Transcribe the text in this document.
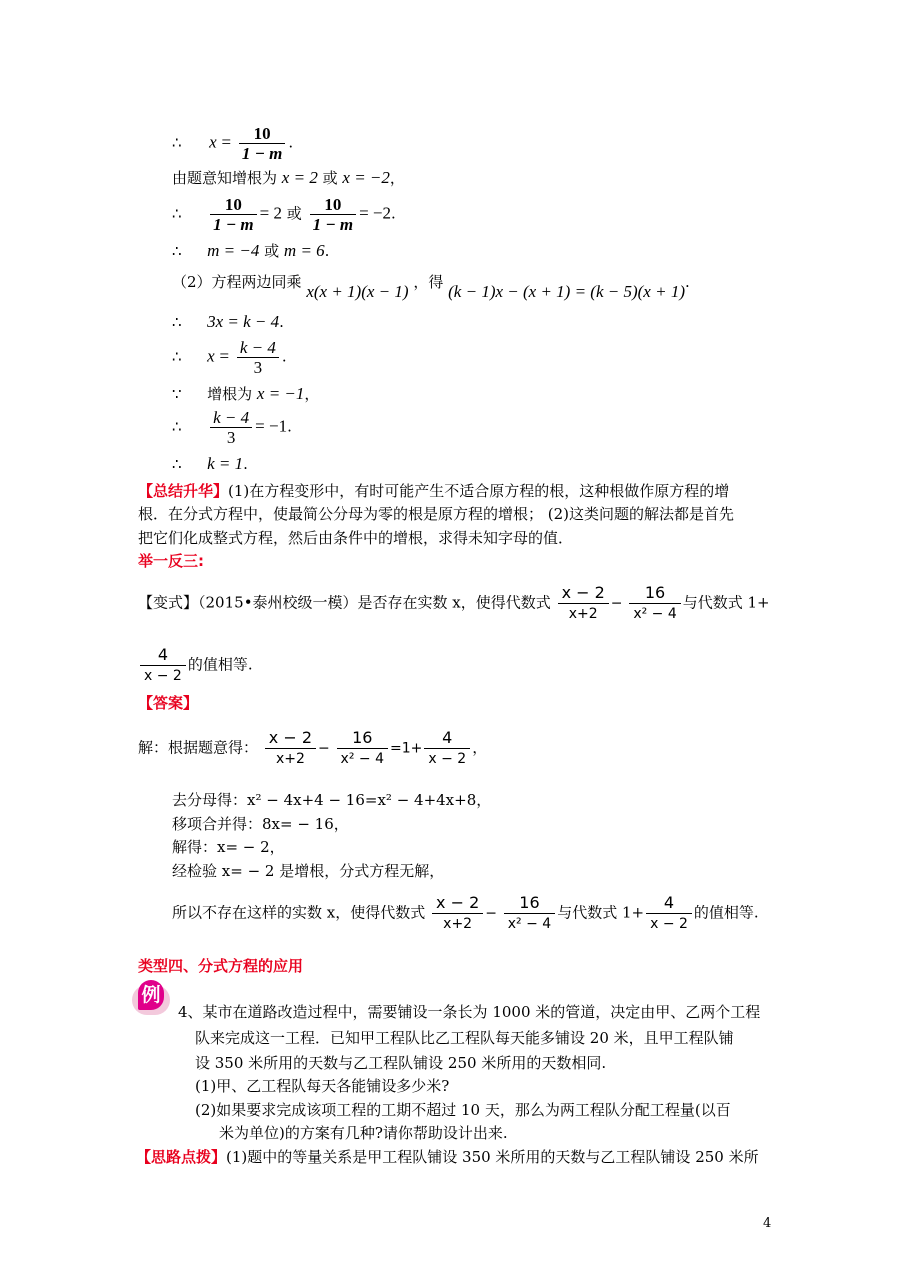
∴ $x = \frac{10}{1 - m}$ .
由题意知增根为 x = 2 或 x = −2，
∴ $\frac{10}{1 - m} = 2$ 或 $\frac{10}{1 - m} = -2$.
∴ m = −4 或 m = 6.
（2）方程两边同乘 x(x + 1)(x − 1) ，得 (k − 1)x − (x + 1) = (k − 5)(x + 1).
∴ 3x = k − 4.
∴ $x = \frac{k - 4}{3}$ .
∵ 增根为 x = −1，
∴ $\frac{k - 4}{3} = -1$.
∴ k = 1.
【总结升华】(1)在方程变形中，有时可能产生不适合原方程的根，这种根做作原方程的增
根．在分式方程中，使最简公分母为零的根是原方程的增根； (2)这类问题的解法都是首先
把它们化成整式方程，然后由条件中的增根，求得未知字母的值．
举一反三:
【变式】（2015•泰州校级一模）是否存在实数 x，使得代数式 $\frac{x - 2}{x+2} - \frac{16}{\text{x² − 4}}$ 与代数式 1+
$\frac{4}{x - 2}$ 的值相等.
【答案】
解：根据题意得： $\frac{x - 2}{x+2} - \frac{16}{\text{x² − 4}} =1+ \frac{4}{x - 2}$ ，
去分母得：x² − 4x+4 − 16=x² − 4+4x+8，
移项合并得：8x= − 16，
解得：x= − 2，
经检验 x= − 2 是增根，分式方程无解，
所以不存在这样的实数 x，使得代数式 $\frac{x - 2}{x+2} - \frac{16}{\text{x² − 4}}$ 与代数式 $1+ \frac{4}{x - 2}$ 的值相等.
类型四、分式方程的应用
例
4、某市在道路改造过程中，需要铺设一条长为 1000 米的管道，决定由甲、乙两个工程
队来完成这一工程．已知甲工程队比乙工程队每天能多铺设 20 米，且甲工程队铺
设 350 米所用的天数与乙工程队铺设 250 米所用的天数相同.
(1)甲、乙工程队每天各能铺设多少米?
(2)如果要求完成该项工程的工期不超过 10 天，那么为两工程队分配工程量(以百
米为单位)的方案有几种?请你帮助设计出来.
【思路点拨】(1)题中的等量关系是甲工程队铺设 350 米所用的天数与乙工程队铺设 250 米所
4
